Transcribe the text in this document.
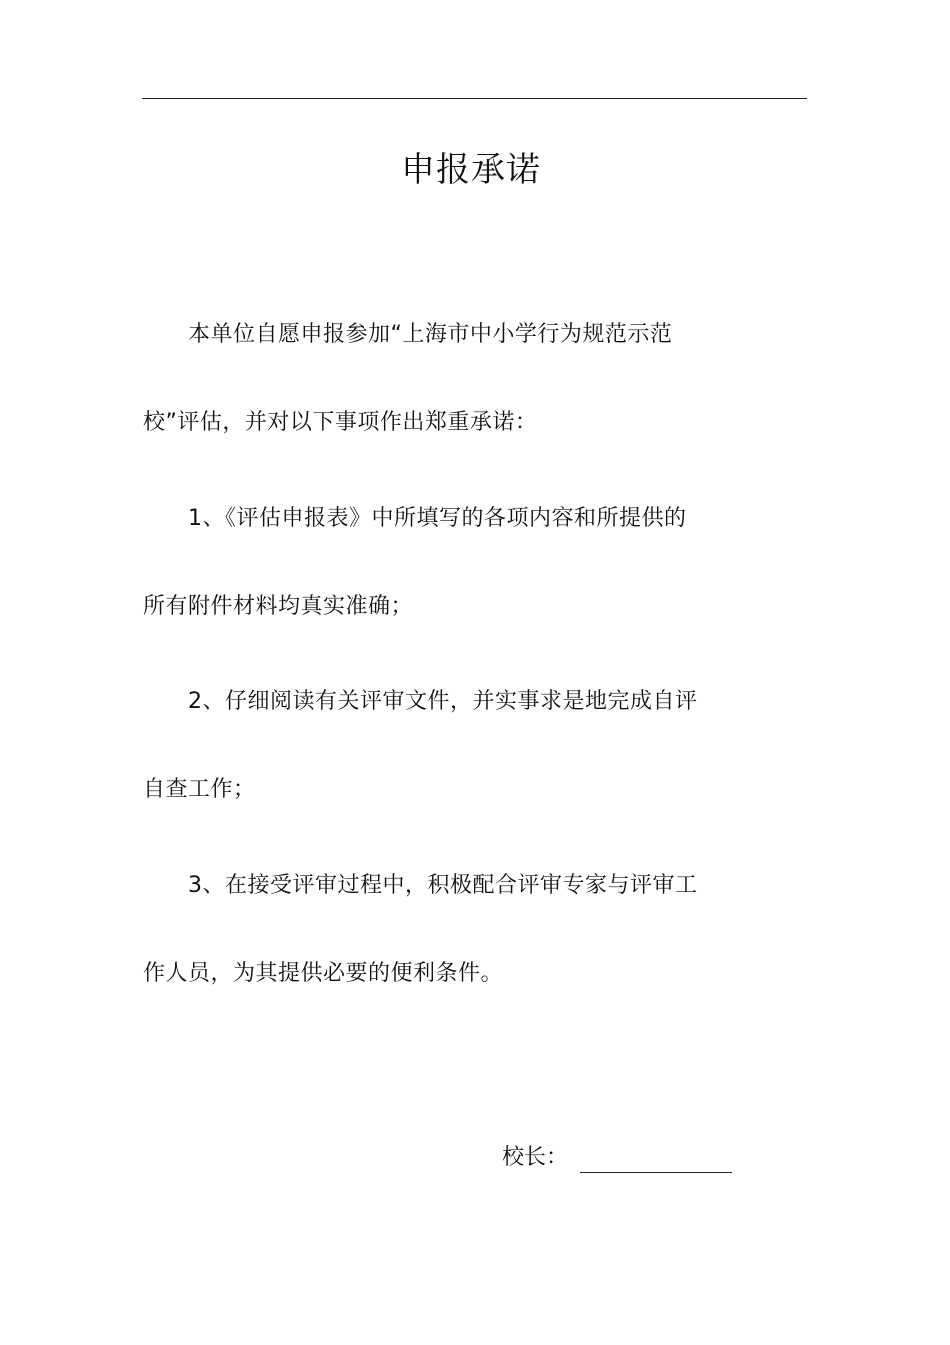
申报承诺
本单位自愿申报参加“上海市中小学行为规范示范
校”评估，并对以下事项作出郑重承诺：
1、《评估申报表》中所填写的各项内容和所提供的
所有附件材料均真实准确；
2、仔细阅读有关评审文件，并实事求是地完成自评
自查工作；
3、在接受评审过程中，积极配合评审专家与评审工
作人员，为其提供必要的便利条件。
校长：
